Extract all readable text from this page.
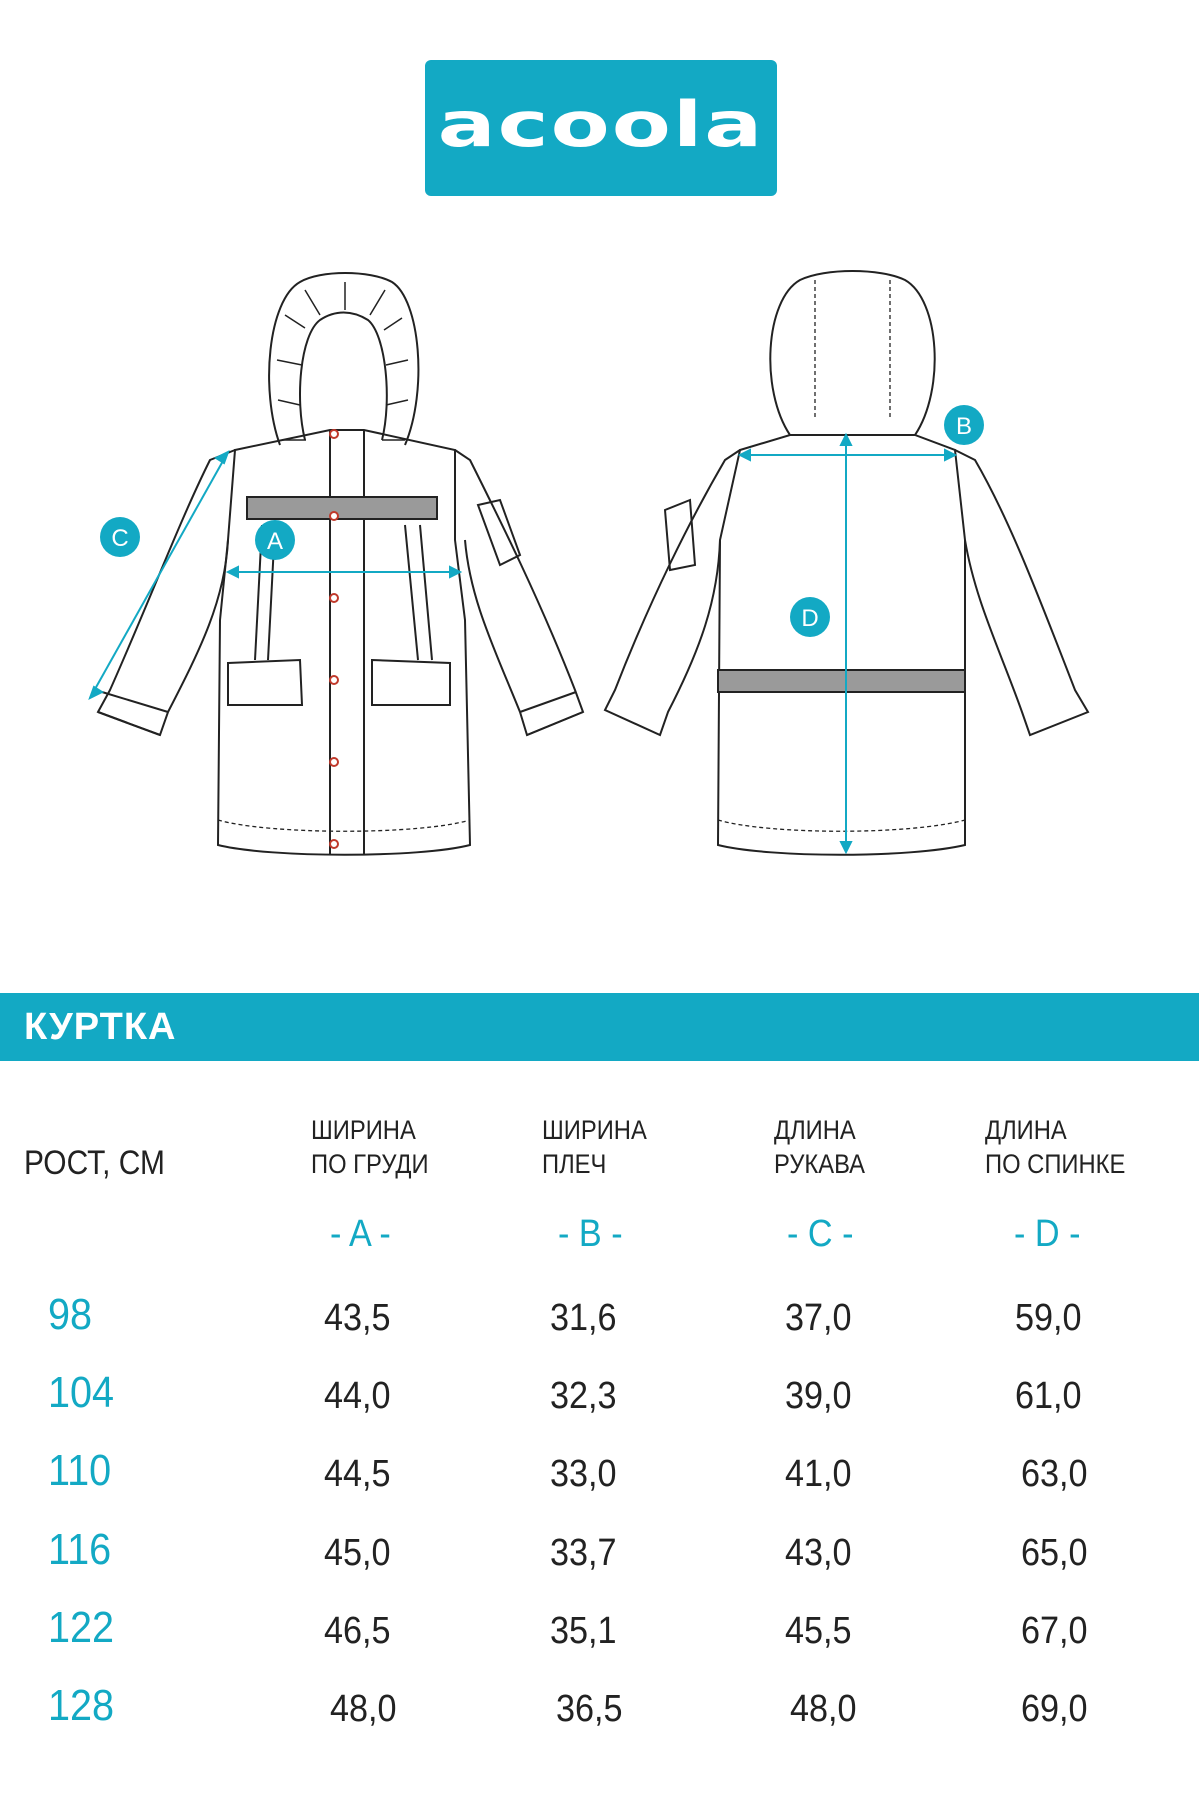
acoola
A
B
C
D
КУРТКА
РОСТ, СМ
ШИРИНА
ПО ГРУДИ
ШИРИНА
ПЛЕЧ
ДЛИНА
РУКАВА
ДЛИНА
ПО СПИНКЕ
- A -	- B -	- C -	- D -
98	43,5	31,6	37,0	59,0
104	44,0	32,3	39,0	61,0
110	44,5	33,0	41,0	63,0
116	45,0	33,7	43,0	65,0
122	46,5	35,1	45,5	67,0
128	48,0	36,5	48,0	69,0
